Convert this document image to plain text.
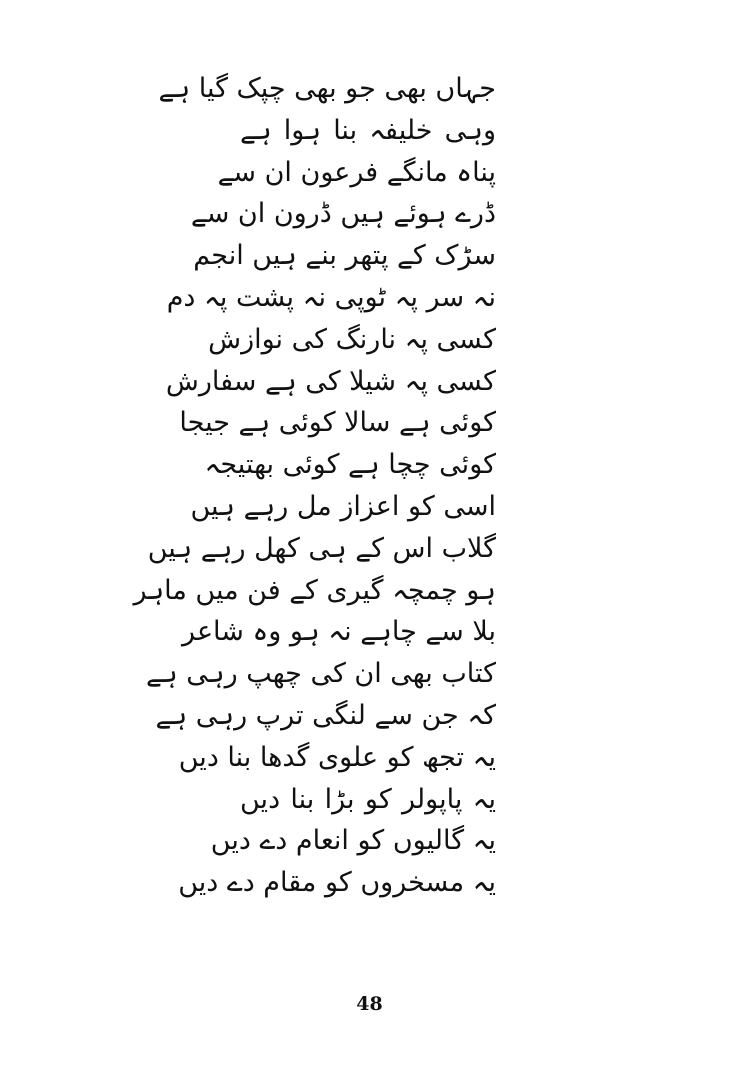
جہاں بھی جو بھی چپک گیا ہے
وہی خلیفہ بنا ہوا ہے
پناہ مانگے فرعون ان سے
ڈرے ہوئے ہیں ڈرون ان سے
سڑک کے پتھر بنے ہیں انجم
نہ سر پہ ٹوپی نہ پشت پہ دم
کسی پہ نارنگ کی نوازش
کسی پہ شیلا کی ہے سفارش
کوئی ہے سالا کوئی ہے جیجا
کوئی چچا ہے کوئی بھتیجہ
اسی کو اعزاز مل رہے ہیں
گلاب اس کے ہی کھل رہے ہیں
ہو چمچہ گیری کے فن میں ماہر
بلا سے چاہے نہ ہو وہ شاعر
کتاب بھی ان کی چھپ رہی ہے
کہ جن سے لنگی ترپ رہی ہے
یہ تجھ کو علوی گدھا بنا دیں
یہ پاپولر کو بڑا بنا دیں
یہ گالیوں کو انعام دے دیں
یہ مسخروں کو مقام دے دیں
48
